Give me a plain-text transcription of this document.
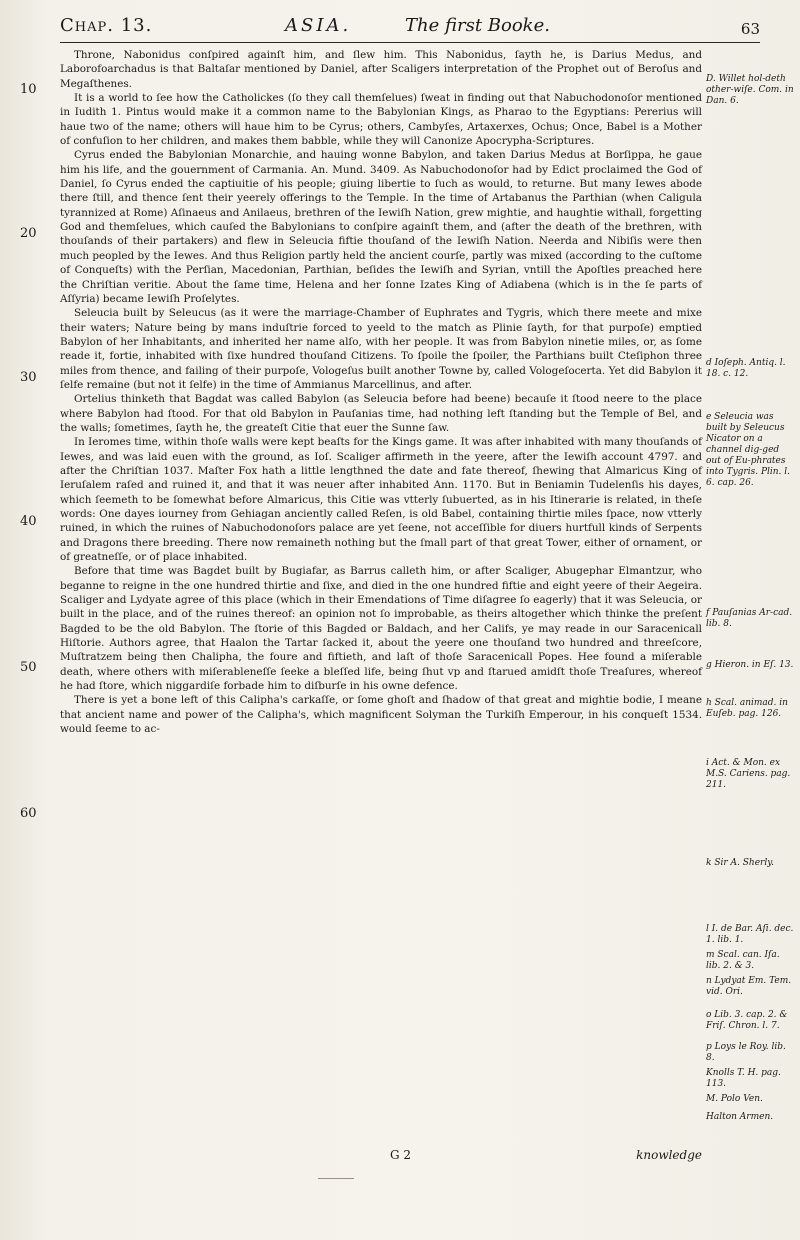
Chap. 13.	ASIA.	The first Booke.	63
10
20
30
40
50
60

Throne, Nabonidus conſpired againſt him, and ſlew him. This Nabonidus, ſayth he, is Darius Medus, and Laborofoarchadus is that Baltaſar mentioned by Daniel, after Scaligers interpretation of the Prophet out of Beroſus and Megaſthenes.

It is a world to ſee how the Catholickes (ſo they call themſelues) ſweat in finding out that Nabuchodonoſor mentioned in Iudith 1. Pintus would make it a common name to the Babylonian Kings, as Pharao to the Egyptians: Pererius will haue two of the name; others will haue him to be Cyrus; others, Cambyſes, Artaxerxes, Ochus; Once, Babel is a Mother of confuſion to her children, and makes them babble, while they will Canonize Apocrypha-Scriptures.

Cyrus ended the Babylonian Monarchie, and hauing wonne Babylon, and taken Darius Medus at Borſippa, he gaue him his life, and the gouernment of Carmania. An. Mund. 3409. As Nabuchodonoſor had by Edict proclaimed the God of Daniel, ſo Cyrus ended the captiuitie of his people; giuing libertie to ſuch as would, to returne. But many Iewes abode there ſtill, and thence ſent their yeerely offerings to the Temple. In the time of Artabanus the Parthian (when Caligula tyrannized at Rome) Aſinaeus and Anilaeus, brethren of the Iewiſh Nation, grew mightie, and haughtie withall, forgetting God and themſelues, which cauſed the Babylonians to conſpire againſt them, and (after the death of the brethren, with thouſands of their partakers) and flew in Seleucia fiftie thouſand of the Iewiſh Nation. Neerda and Nibiſis were then much peopled by the Iewes. And thus Religion partly held the ancient courſe, partly was mixed (according to the cuſtome of Conqueſts) with the Perſian, Macedonian, Parthian, beſides the Iewiſh and Syrian, vntill the Apoſtles preached here the Chriſtian veritie. About the ſame time, Helena and her ſonne Izates King of Adiabena (which is in the ſe parts of Aſſyria) became Iewiſh Proſelytes.

Seleucia built by Seleucus (as it were the marriage-Chamber of Euphrates and Tygris, which there meete and mixe their waters; Nature being by mans induſtrie forced to yeeld to the match as Plinie ſayth, for that purpoſe) emptied Babylon of her Inhabitants, and inherited her name alſo, with her people. It was from Babylon ninetie miles, or, as ſome reade it, fortie, inhabited with ſixe hundred thouſand Citizens. To ſpoile the ſpoiler, the Parthians built Cteſiphon three miles from thence, and failing of their purpoſe, Vologeſus built another Towne by, called Vologeſocerta. Yet did Babylon it ſelfe remaine (but not it ſelfe) in the time of Ammianus Marcellinus, and after.

Ortelius thinketh that Bagdat was called Babylon (as Seleucia before had beene) becauſe it ſtood neere to the place where Babylon had ſtood. For that old Babylon in Pauſanias time, had nothing left ſtanding but the Temple of Bel, and the walls; ſometimes, ſayth he, the greateſt Citie that euer the Sunne ſaw.

In Ieromes time, within thoſe walls were kept beaſts for the Kings game. It was after inhabited with many thouſands of Iewes, and was laid euen with the ground, as Ioſ. Scaliger affirmeth in the yeere, after the Iewiſh account 4797. and after the Chriſtian 1037. Maſter Fox hath a little lengthned the date and fate thereof, ſhewing that Almaricus King of Ieruſalem raſed and ruined it, and that it was neuer after inhabited Ann. 1170. But in Beniamin Tudelenſis his dayes, which ſeemeth to be ſomewhat before Almaricus, this Citie was vtterly ſubuerted, as in his Itinerarie is related, in theſe words: One dayes iourney from Gehiagan anciently called Reſen, is old Babel, containing thirtie miles ſpace, now vtterly ruined, in which the ruines of Nabuchodonoſors palace are yet ſeene, not acceſſible for diuers hurtfull kinds of Serpents and Dragons there breeding. There now remaineth nothing but the ſmall part of that great Tower, either of ornament, or of greatneſſe, or of place inhabited.

Before that time was Bagdet built by Bugiafar, as Barrus calleth him, or after Scaliger, Abugephar Elmantzur, who beganne to reigne in the one hundred thirtie and ſixe, and died in the one hundred fiftie and eight yeere of their Aegeira. Scaliger and Lydyate agree of this place (which in their Emendations of Time diſagree ſo eagerly) that it was Seleucia, or built in the place, and of the ruines thereof: an opinion not ſo improbable, as theirs altogether which thinke the preſent Bagded to be the old Babylon. The ſtorie of this Bagded or Baldach, and her Califs, ye may reade in our Saracenicall Hiſtorie. Authors agree, that Haalon the Tartar ſacked it, about the yeere one thouſand two hundred and threeſcore, Muſtratzem being then Chalipha, the foure and fiftieth, and laſt of thoſe Saracenicall Popes. Hee found a miſerable death, where others with miſerableneſſe ſeeke a bleſſed life, being ſhut vp and ſtarued amidſt thoſe Treaſures, whereof he had ſtore, which niggardiſe forbade him to diſburſe in his owne defence.

There is yet a bone left of this Calipha's carkaſſe, or ſome ghoſt and ſhadow of that great and mightie bodie, I meane that ancient name and power of the Calipha's, which magnificent Solyman the Turkiſh Emperour, in his conqueſt 1534. would ſeeme to ac-

D. Willet hol-deth other-wiſe. Com. in Dan. 6.
d Ioſeph. Antiq. l. 18. c. 12.
e Seleucia was built by Seleucus Nicator on a channel dig-ged out of Eu-phrates into Tygris. Plin. l. 6. cap. 26.
f Pauſanias Ar-cad. lib. 8.
g Hieron. in Eſ. 13.
h Scal. animad. in Euſeb. pag. 126.
i Act. & Mon. ex M.S. Cariens. pag. 211.
k Sir A. Sherly.
l I. de Bar. Aſi. dec. 1. lib. 1.
m Scal. can. Iſa. lib. 2. & 3.
n Lydyat Em. Tem. vid. Ori.
o Lib. 3. cap. 2. & Friſ. Chron. l. 7.
p Loys le Roy. lib. 8.
Knolls T. H. pag. 113.
M. Polo Ven.
Halton Armen.
G 2	knowledge
